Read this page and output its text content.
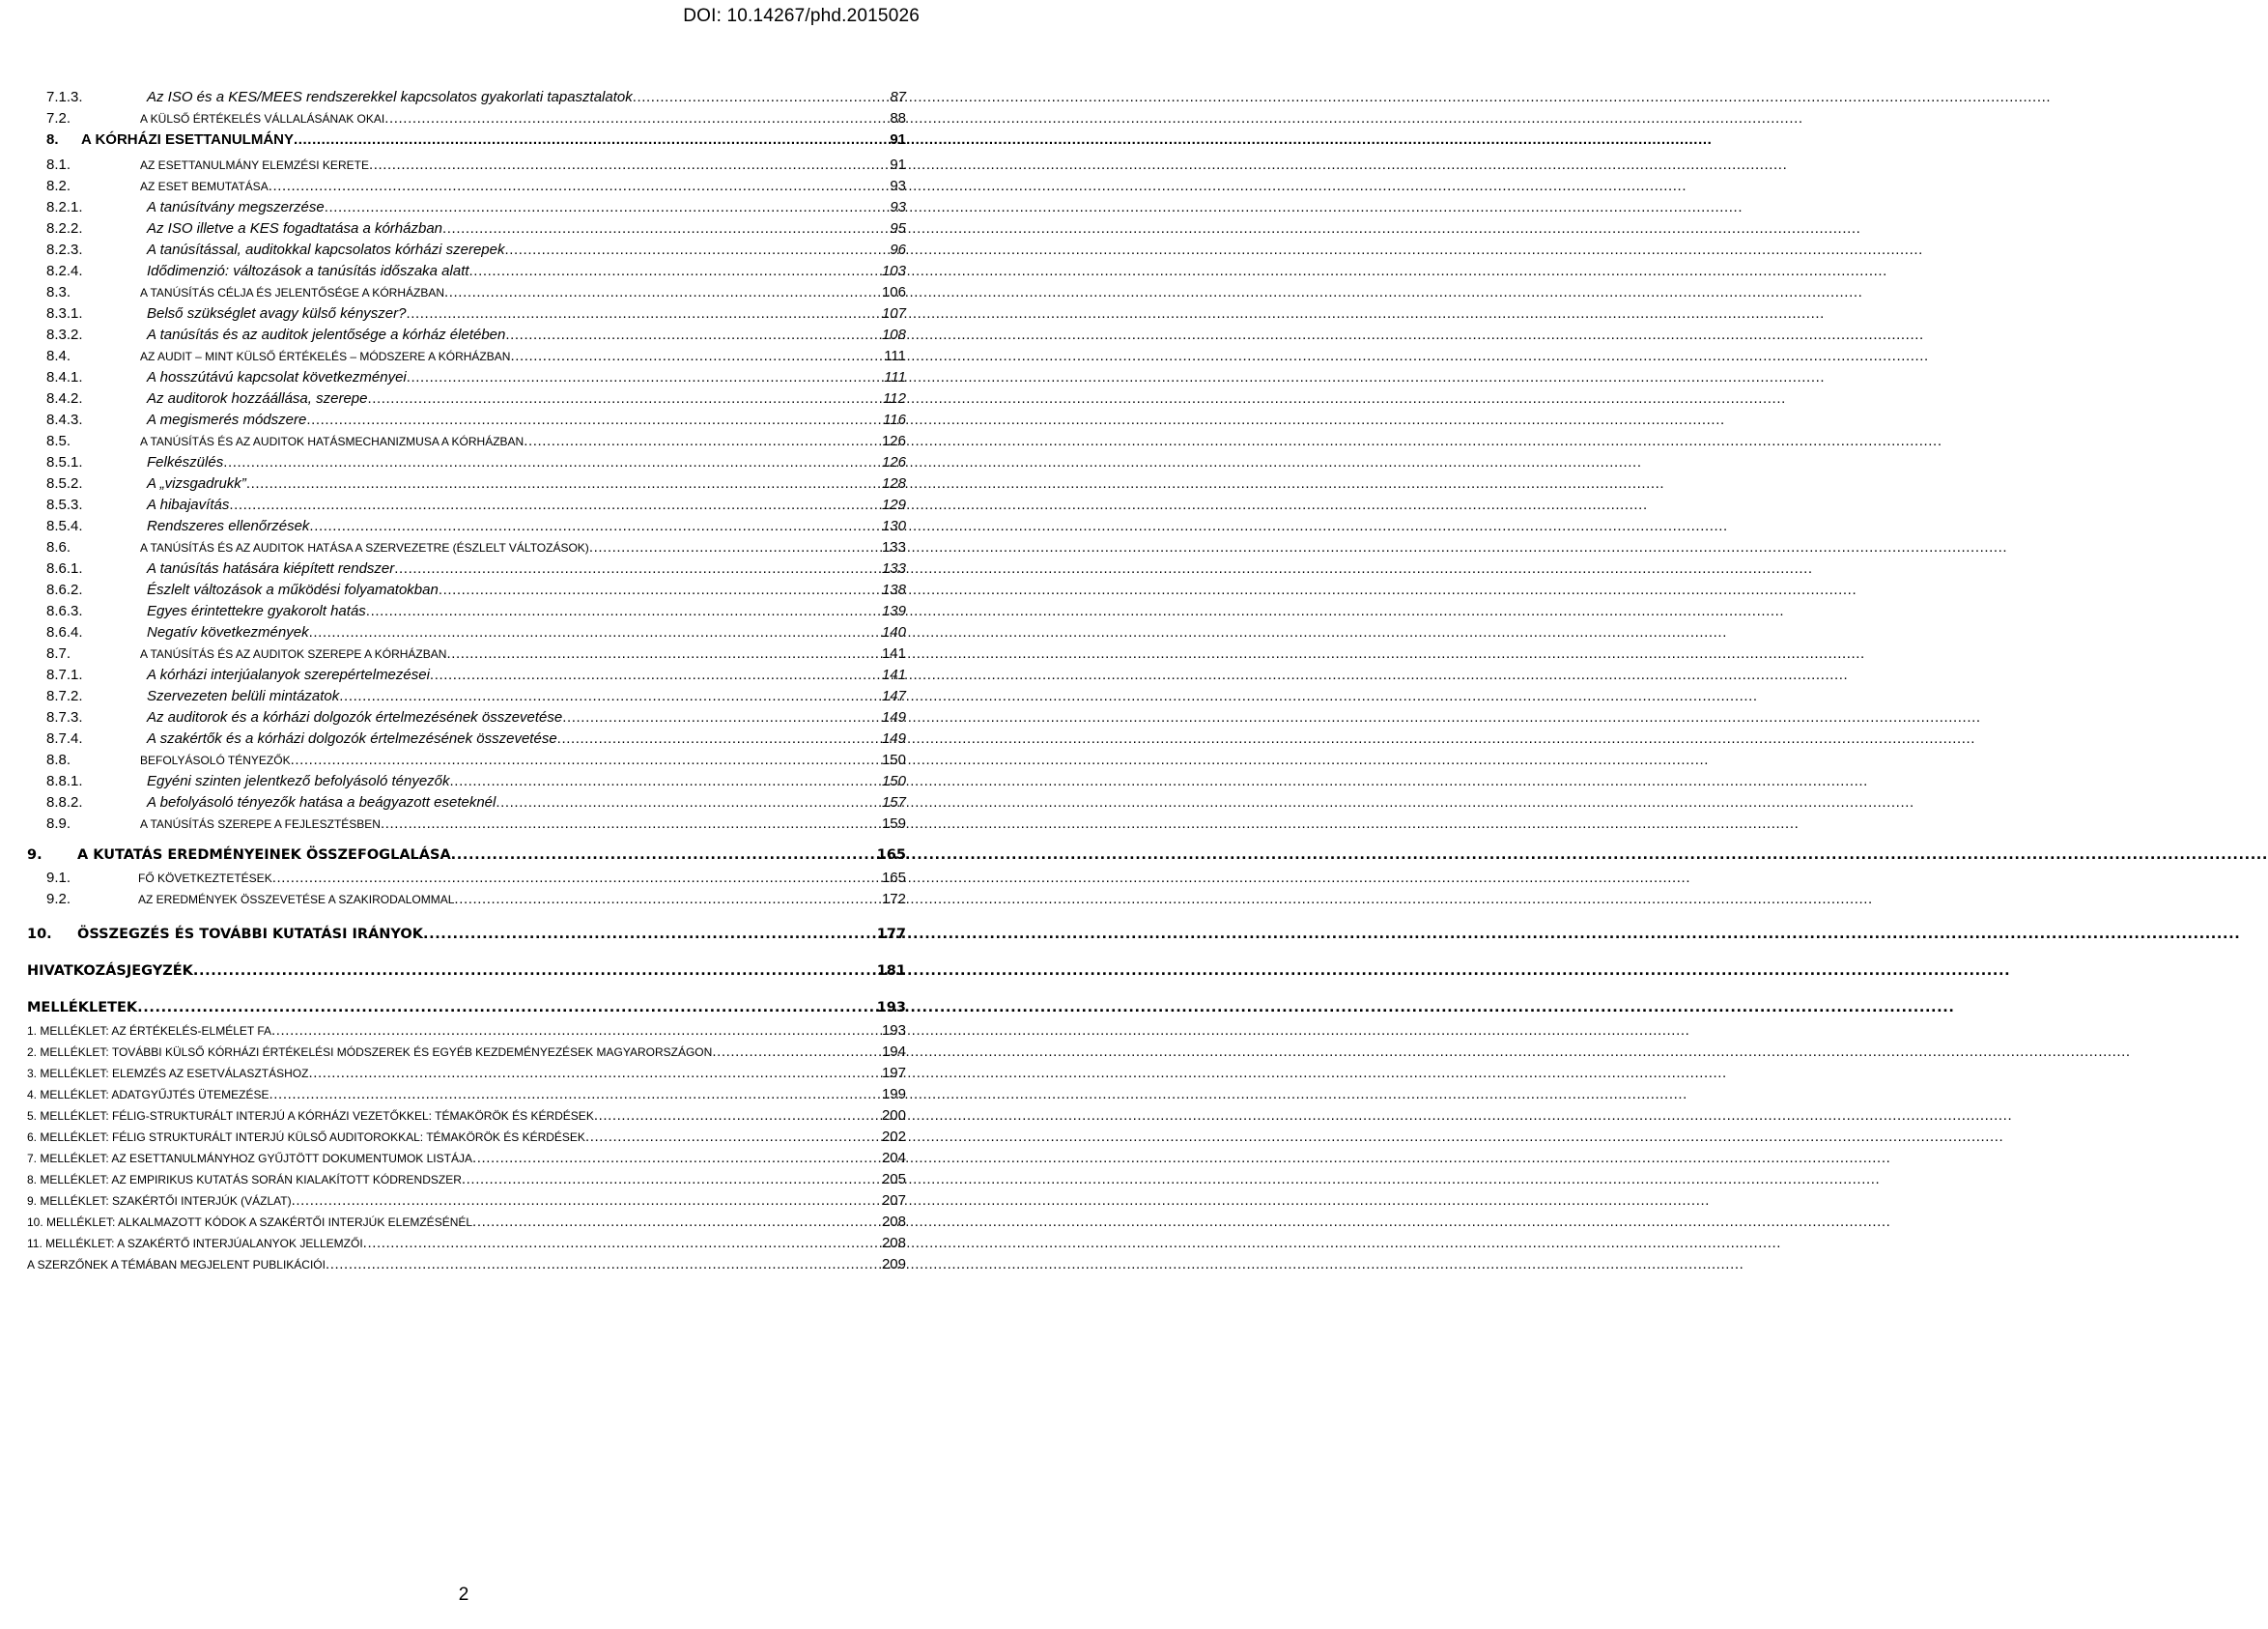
DOI: 10.14267/phd.2015026
7.1.3.	Az ISO és a KES/MEES rendszerekkel kapcsolatos gyakorlati tapasztalatok .....	87
7.2.	A KÜLSŐ ÉRTÉKELÉS VÁLLALÁSÁNAK OKAI .....	88
8.	A KÓRHÁZI ESETTANULMÁNY .....	91
8.1.	AZ ESETTANULMÁNY ELEMZÉSI KERETE .....	91
8.2.	AZ ESET BEMUTATÁSA .....	93
8.2.1.	A tanúsítvány megszerzése .....	93
8.2.2.	Az ISO illetve a KES fogadtatása a kórházban .....	95
8.2.3.	A tanúsítással, auditokkal kapcsolatos kórházi szerepek .....	96
8.2.4.	Idődimenzió: változások a tanúsítás időszaka alatt .....	103
8.3.	A TANÚSÍTÁS CÉLJA ÉS JELENTŐSÉGE A KÓRHÁZBAN .....	106
8.3.1.	Belső szükséglet avagy külső kényszer? .....	107
8.3.2.	A tanúsítás és az auditok jelentősége a kórház életében .....	108
8.4.	AZ AUDIT – MINT KÜLSŐ ÉRTÉKELÉS – MÓDSZERE A KÓRHÁZBAN .....	111
8.4.1.	A hosszútávú kapcsolat következményei .....	111
8.4.2.	Az auditorok hozzáállása, szerepe .....	112
8.4.3.	A megismerés módszere .....	116
8.5.	A TANÚSÍTÁS ÉS AZ AUDITOK HATÁSMECHANIZMUSA A KÓRHÁZBAN .....	126
8.5.1.	Felkészülés .....	126
8.5.2.	A „vizsgadrukk” .....	128
8.5.3.	A hibajavítás .....	129
8.5.4.	Rendszeres ellenőrzések .....	130
8.6.	A TANÚSÍTÁS ÉS AZ AUDITOK HATÁSA A SZERVEZETRE (ÉSZLELT VÁLTOZÁSOK) .....	133
8.6.1.	A tanúsítás hatására kiépített rendszer .....	133
8.6.2.	Észlelt változások a működési folyamatokban .....	138
8.6.3.	Egyes érintettekre gyakorolt hatás .....	139
8.6.4.	Negatív következmények .....	140
8.7.	A TANÚSÍTÁS ÉS AZ AUDITOK SZEREPE A KÓRHÁZBAN .....	141
8.7.1.	A kórházi interjúalanyok szerepértelmezései .....	141
8.7.2.	Szervezeten belüli mintázatok .....	147
8.7.3.	Az auditorok és a kórházi dolgozók értelmezésének összevetése .....	149
8.7.4.	A szakértők és a kórházi dolgozók értelmezésének összevetése .....	149
8.8.	BEFOLYÁSOLÓ TÉNYEZŐK .....	150
8.8.1.	Egyéni szinten jelentkező befolyásoló tényezők .....	150
8.8.2.	A befolyásoló tényezők hatása a beágyazott eseteknél .....	157
8.9.	A TANÚSÍTÁS SZEREPE A FEJLESZTÉSBEN .....	159
9.	A KUTATÁS EREDMÉNYEINEK ÖSSZEFOGLALÁSA .....	165
9.1.	FŐ KÖVETKEZTETÉSEK .....	165
9.2.	AZ EREDMÉNYEK ÖSSZEVETÉSE A SZAKIRODALOMMAL .....	172
10.	ÖSSZEGZÉS ÉS TOVÁBBI KUTATÁSI IRÁNYOK .....	177
HIVATKOZÁSJEGYZÉK .....	181
MELLÉKLETEK .....	193
1. MELLÉKLET: AZ ÉRTÉKELÉS-ELMÉLET FA .....	193
2. MELLÉKLET: TOVÁBBI KÜLSŐ KÓRHÁZI ÉRTÉKELÉSI MÓDSZEREK ÉS EGYÉB KEZDEMÉNYEZÉSEK MAGYARORSZÁGON .....	194
3. MELLÉKLET: ELEMZÉS AZ ESETVÁLASZTÁSHOZ .....	197
4. MELLÉKLET: ADATGYŰJTÉS ÜTEMEZÉSE .....	199
5. MELLÉKLET: FÉLIG-STRUKTURÁLT INTERJÚ A KÓRHÁZI VEZETŐKKEL: TÉMAKÖRÖK ÉS KÉRDÉSEK .....	200
6. MELLÉKLET: FÉLIG STRUKTURÁLT INTERJÚ KÜLSŐ AUDITOROKKAL: TÉMAKÖRÖK ÉS KÉRDÉSEK .....	202
7. MELLÉKLET: AZ ESETTANULMÁNYHOZ GYŰJTÖTT DOKUMENTUMOK LISTÁJA .....	204
8. MELLÉKLET: AZ EMPIRIKUS KUTATÁS SORÁN KIALAKÍTOTT KÓDRENDSZER .....	205
9. MELLÉKLET: SZAKÉRTŐI INTERJÚK (VÁZLAT) .....	207
10. MELLÉKLET: ALKALMAZOTT KÓDOK A SZAKÉRTŐI INTERJÚK ELEMZÉSÉNÉL .....	208
11. MELLÉKLET: A SZAKÉRTŐ INTERJÚALANYOK JELLEMZŐI .....	208
A SZERZŐNEK A TÉMÁBAN MEGJELENT PUBLIKÁCIÓI .....	209
2
